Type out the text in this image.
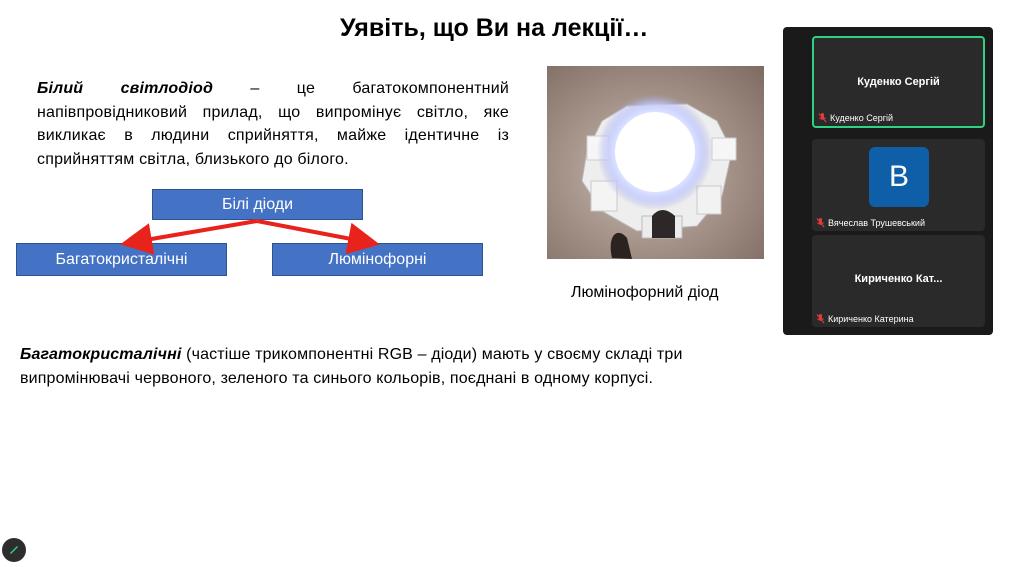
Уявіть, що Ви на лекції…
Білий світлодіод – це багатокомпонентний напівпровідниковий прилад, що випромінує світло, яке викликає в людини сприйняття, майже ідентичне із сприйняттям світла, близького до білого.
Білі діоди
Багатокристалічні	Люмінофорні
Люмінофорний діод
Багатокристалічні (частіше трикомпонентні RGB – діоди) мають у своєму складі три випромінювачі червоного, зеленого та синього кольорів, поєднані в одному корпусі.
Куденко Сергій
Куденко Сергій
B
Вячеслав Трушевський
Кириченко Кат...
Кириченко Катерина
